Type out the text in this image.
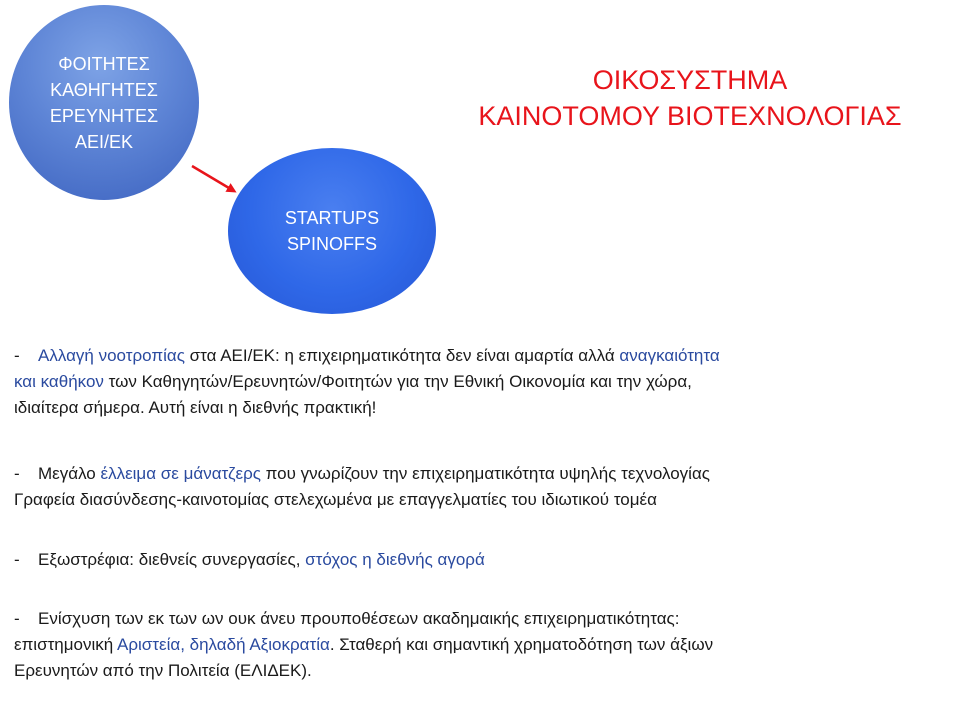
ΦΟΙΤΗΤΕΣ
ΚΑΘΗΓΗΤΕΣ
ΕΡΕΥΝΗΤΕΣ
ΑΕΙ/ΕΚ
STARTUPS
SPINOFFS
ΟΙΚΟΣΥΣΤΗΜΑ
ΚΑΙΝΟΤΟΜΟΥ ΒΙΟΤΕΧΝΟΛΟΓΙΑΣ
- Αλλαγή νοοτροπίας στα ΑΕΙ/ΕΚ: η επιχειρηματικότητα δεν είναι αμαρτία αλλά αναγκαιότητα
και καθήκον των Καθηγητών/Ερευνητών/Φοιτητών για την Εθνική Οικονομία και την χώρα,
ιδιαίτερα σήμερα. Αυτή είναι η διεθνής πρακτική!
- Μεγάλο έλλειμα σε μάνατζερς που γνωρίζουν την επιχειρηματικότητα υψηλής τεχνολογίας
Γραφεία διασύνδεσης-καινοτομίας στελεχωμένα με επαγγελματίες του ιδιωτικού τομέα
- Εξωστρέφια: διεθνείς συνεργασίες, στόχος η διεθνής αγορά
- Ενίσχυση των εκ των ων ουκ άνευ προυποθέσεων ακαδημαικής επιχειρηματικότητας:
επιστημονική Αριστεία, δηλαδή Αξιοκρατία. Σταθερή και σημαντική χρηματοδότηση των άξιων
Ερευνητών από την Πολιτεία (ΕΛΙΔΕΚ).
